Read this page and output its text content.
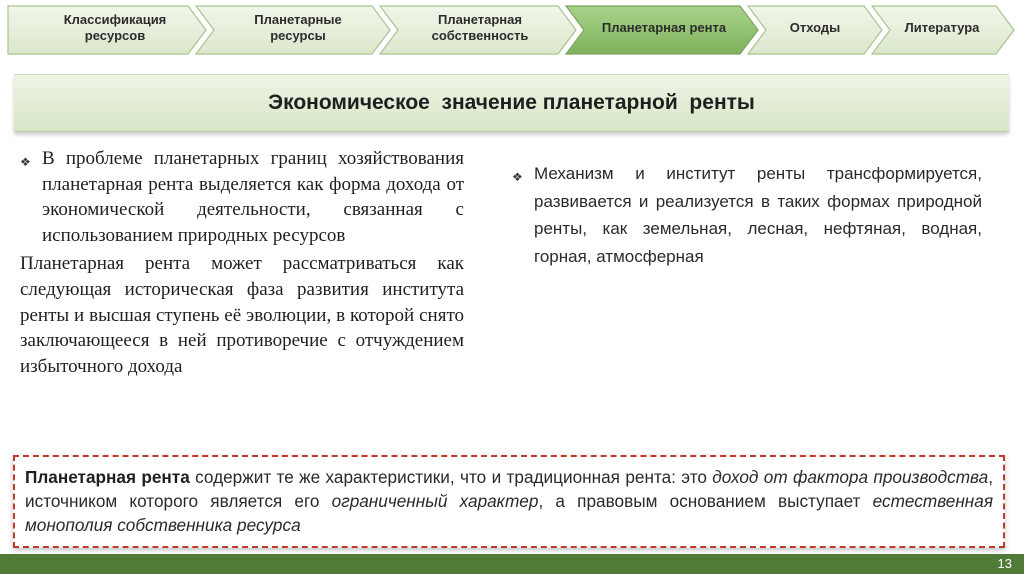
Классификация ресурсов
Планетарные ресурсы
Планетарная собственность
Планетарная рента	Отходы	Литература
Экономическое  значение планетарной  ренты
❖ В проблеме планетарных границ хозяйствования планетарная рента выделяется как форма дохода от экономической деятельности, связанная с использованием природных ресурсов
Планетарная рента может рассматриваться как следующая историческая фаза развития института ренты и высшая ступень её эволюции, в которой снято заключающееся в ней противоречие с отчуждением избыточного дохода
❖ Механизм и институт ренты трансформируется, развивается и реализуется в таких формах природной ренты, как земельная, лесная, нефтяная, водная, горная, атмосферная
Планетарная рента содержит те же характеристики, что и традиционная рента: это доход от фактора производства, источником которого является его ограниченный характер, а правовым основанием выступает естественная монополия собственника ресурса
13
